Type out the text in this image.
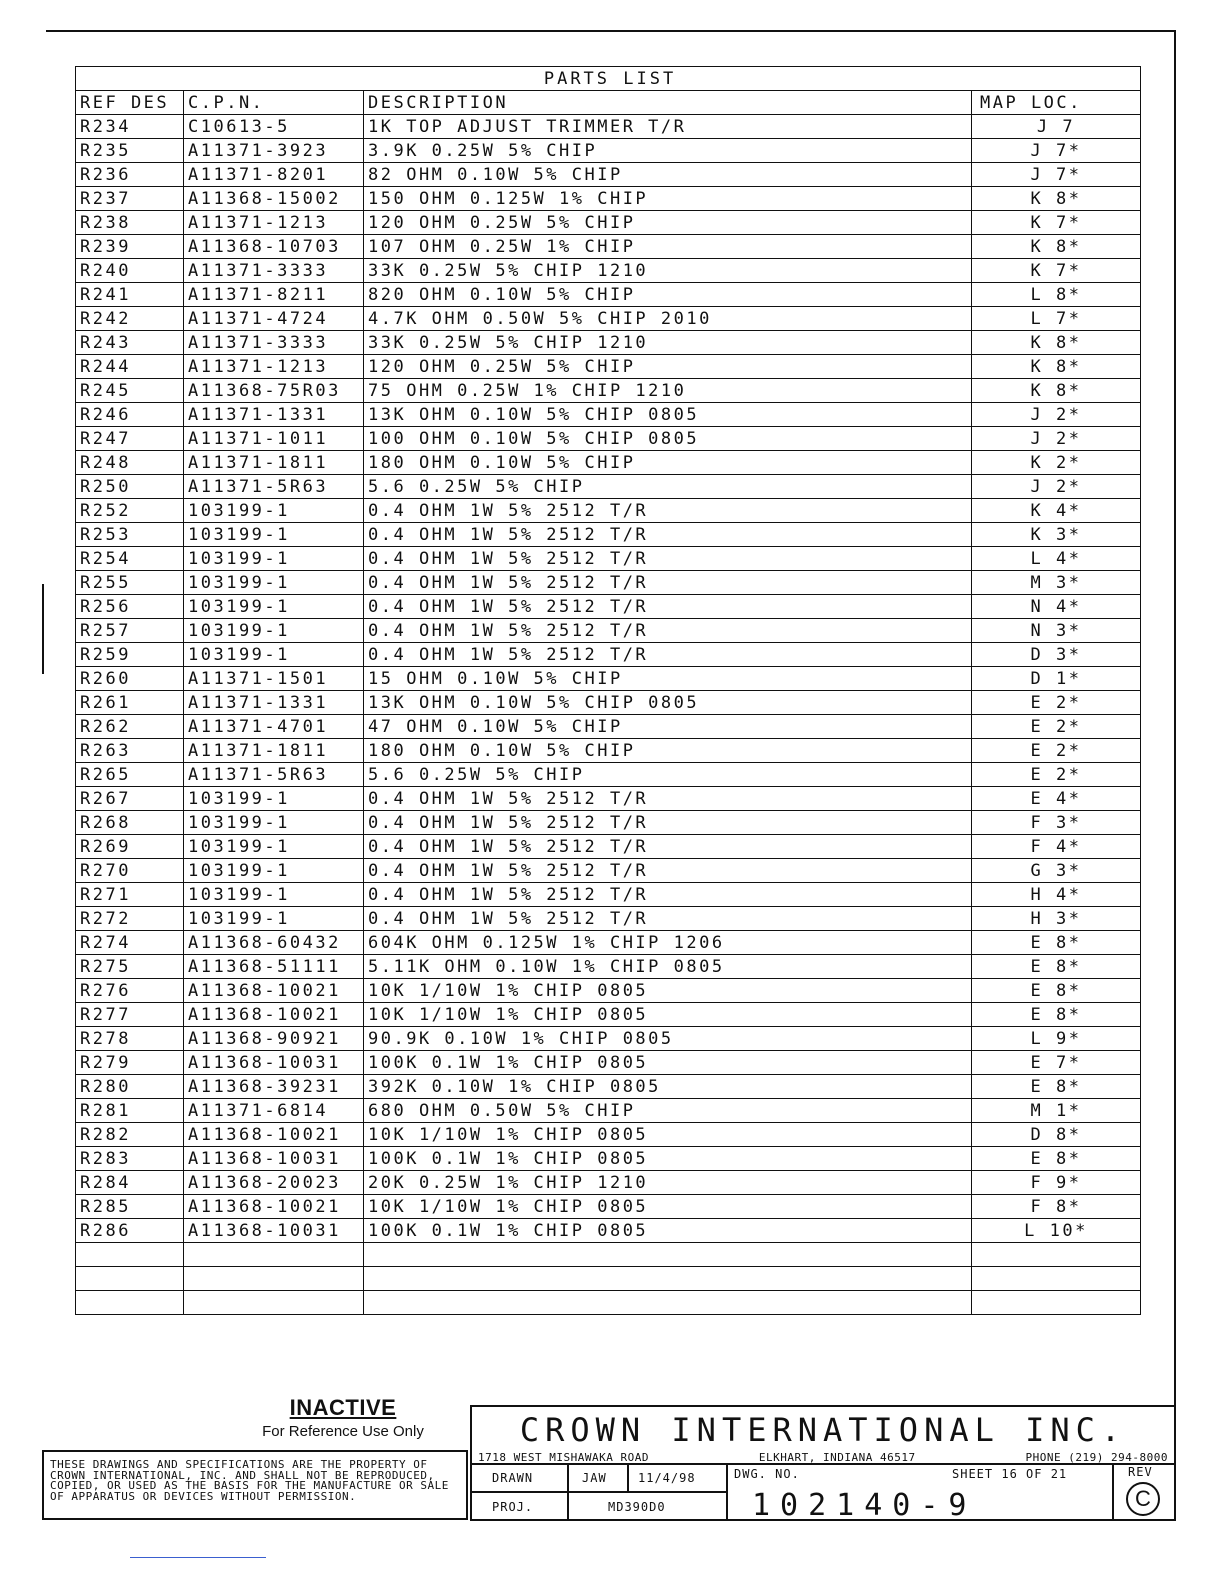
PARTS LIST			
REF DES	C.P.N.	DESCRIPTION	MAP LOC.
R234	C10613-5	1K TOP ADJUST TRIMMER T/R	J 7
R235	A11371-3923	3.9K 0.25W 5% CHIP	J 7*
R236	A11371-8201	82 OHM 0.10W 5% CHIP	J 7*
R237	A11368-15002	150 OHM 0.125W 1% CHIP	K 8*
R238	A11371-1213	120 OHM 0.25W 5% CHIP	K 7*
R239	A11368-10703	107 OHM 0.25W 1% CHIP	K 8*
R240	A11371-3333	33K 0.25W 5% CHIP 1210	K 7*
R241	A11371-8211	820 OHM 0.10W 5% CHIP	L 8*
R242	A11371-4724	4.7K OHM 0.50W 5% CHIP 2010	L 7*
R243	A11371-3333	33K 0.25W 5% CHIP 1210	K 8*
R244	A11371-1213	120 OHM 0.25W 5% CHIP	K 8*
R245	A11368-75R03	75 OHM 0.25W 1% CHIP 1210	K 8*
R246	A11371-1331	13K OHM 0.10W 5% CHIP 0805	J 2*
R247	A11371-1011	100 OHM 0.10W 5% CHIP 0805	J 2*
R248	A11371-1811	180 OHM 0.10W 5% CHIP	K 2*
R250	A11371-5R63	5.6 0.25W 5% CHIP	J 2*
R252	103199-1	0.4 OHM 1W 5% 2512 T/R	K 4*
R253	103199-1	0.4 OHM 1W 5% 2512 T/R	K 3*
R254	103199-1	0.4 OHM 1W 5% 2512 T/R	L 4*
R255	103199-1	0.4 OHM 1W 5% 2512 T/R	M 3*
R256	103199-1	0.4 OHM 1W 5% 2512 T/R	N 4*
R257	103199-1	0.4 OHM 1W 5% 2512 T/R	N 3*
R259	103199-1	0.4 OHM 1W 5% 2512 T/R	D 3*
R260	A11371-1501	15 OHM 0.10W 5% CHIP	D 1*
R261	A11371-1331	13K OHM 0.10W 5% CHIP 0805	E 2*
R262	A11371-4701	47 OHM 0.10W 5% CHIP	E 2*
R263	A11371-1811	180 OHM 0.10W 5% CHIP	E 2*
R265	A11371-5R63	5.6 0.25W 5% CHIP	E 2*
R267	103199-1	0.4 OHM 1W 5% 2512 T/R	E 4*
R268	103199-1	0.4 OHM 1W 5% 2512 T/R	F 3*
R269	103199-1	0.4 OHM 1W 5% 2512 T/R	F 4*
R270	103199-1	0.4 OHM 1W 5% 2512 T/R	G 3*
R271	103199-1	0.4 OHM 1W 5% 2512 T/R	H 4*
R272	103199-1	0.4 OHM 1W 5% 2512 T/R	H 3*
R274	A11368-60432	604K OHM 0.125W 1% CHIP 1206	E 8*
R275	A11368-51111	5.11K OHM 0.10W 1% CHIP 0805	E 8*
R276	A11368-10021	10K 1/10W 1% CHIP 0805	E 8*
R277	A11368-10021	10K 1/10W 1% CHIP 0805	E 8*
R278	A11368-90921	90.9K 0.10W 1% CHIP 0805	L 9*
R279	A11368-10031	100K 0.1W 1% CHIP 0805	E 7*
R280	A11368-39231	392K 0.10W 1% CHIP 0805	E 8*
R281	A11371-6814	680 OHM 0.50W 5% CHIP	M 1*
R282	A11368-10021	10K 1/10W 1% CHIP 0805	D 8*
R283	A11368-10031	100K 0.1W 1% CHIP 0805	E 8*
R284	A11368-20023	20K 0.25W 1% CHIP 1210	F 9*
R285	A11368-10021	10K 1/10W 1% CHIP 0805	F 8*
R286	A11368-10031	100K 0.1W 1% CHIP 0805	L 10*

INACTIVE
For Reference Use Only
THESE DRAWINGS AND SPECIFICATIONS ARE THE PROPERTY OF CROWN INTERNATIONAL, INC. AND SHALL NOT BE REPRODUCED, COPIED, OR USED AS THE BASIS FOR THE MANUFACTURE OR SALE OF APPARATUS OR DEVICES WITHOUT PERMISSION.
CROWN INTERNATIONAL INC.
1718 WEST MISHAWAKA ROAD	ELKHART, INDIANA 46517	PHONE (219) 294-8000
DRAWN	JAW	11/4/98
PROJ.	MD390D0
DWG. NO.	SHEET 16 OF 21	REV
102140-9	C
